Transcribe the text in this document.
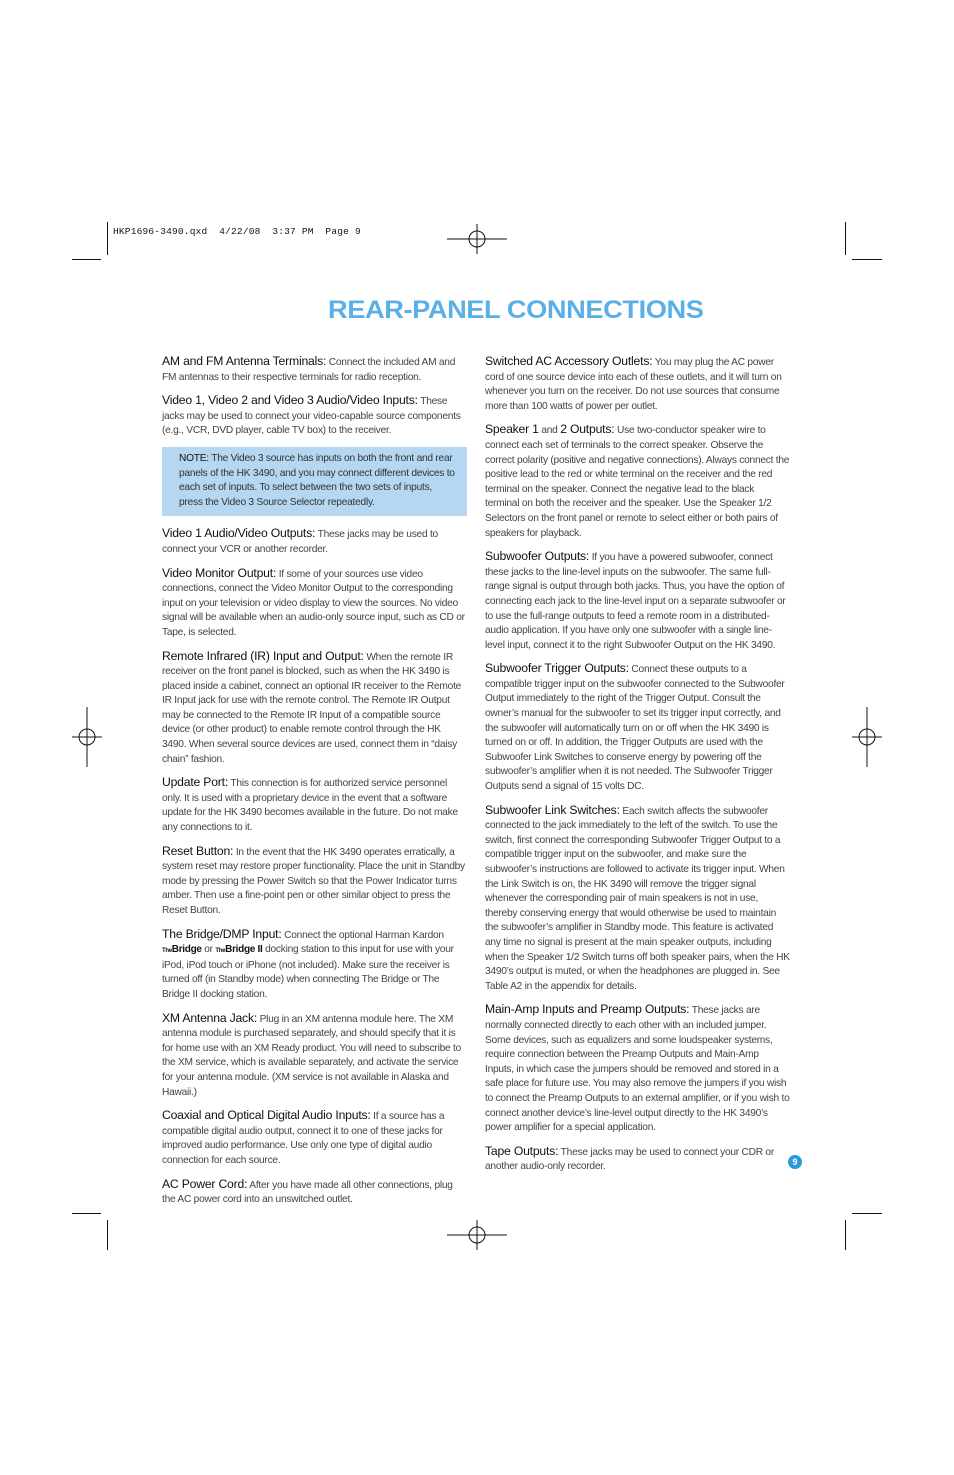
HKP1696-3490.qxd  4/22/08  3:37 PM  Page 9
REAR-PANEL CONNECTIONS

AM and FM Antenna Terminals: Connect the included AM and FM antennas to their respective terminals for radio reception.

Video 1, Video 2 and Video 3 Audio/Video Inputs: These jacks may be used to connect your video-capable source components (e.g., VCR, DVD player, cable TV box) to the receiver.

NOTE: The Video 3 source has inputs on both the front and rear panels of the HK 3490, and you may connect different devices to each set of inputs. To select between the two sets of inputs, press the Video 3 Source Selector repeatedly.

Video 1 Audio/Video Outputs: These jacks may be used to connect your VCR or another recorder.

Video Monitor Output: If some of your sources use video connections, connect the Video Monitor Output to the corresponding input on your television or video display to view the sources. No video signal will be available when an audio-only source input, such as CD or Tape, is selected.

Remote Infrared (IR) Input and Output: When the remote IR receiver on the front panel is blocked, such as when the HK 3490 is placed inside a cabinet, connect an optional IR receiver to the Remote IR Input jack for use with the remote control. The Remote IR Output may be connected to the Remote IR Input of a compatible source device (or other product) to enable remote control through the HK 3490. When several source devices are used, connect them in “daisy chain” fashion.

Update Port: This connection is for authorized service personnel only. It is used with a proprietary device in the event that a software update for the HK 3490 becomes available in the future. Do not make any connections to it.

Reset Button: In the event that the HK 3490 operates erratically, a system reset may restore proper functionality. Place the unit in Standby mode by pressing the Power Switch so that the Power Indicator turns amber. Then use a fine-point pen or other similar object to press the Reset Button.

The Bridge/DMP Input: Connect the optional Harman Kardon TheBridge or TheBridge II docking station to this input for use with your iPod, iPod touch or iPhone (not included). Make sure the receiver is turned off (in Standby mode) when connecting The Bridge or The Bridge II docking station.

XM Antenna Jack: Plug in an XM antenna module here. The XM antenna module is purchased separately, and should specify that it is for home use with an XM Ready product. You will need to subscribe to the XM service, which is available separately, and activate the service for your antenna module. (XM service is not available in Alaska and Hawaii.)

Coaxial and Optical Digital Audio Inputs: If a source has a compatible digital audio output, connect it to one of these jacks for improved audio performance. Use only one type of digital audio connection for each source.

AC Power Cord: After you have made all other connections, plug the AC power cord into an unswitched outlet.

Switched AC Accessory Outlets: You may plug the AC power cord of one source device into each of these outlets, and it will turn on whenever you turn on the receiver. Do not use sources that consume more than 100 watts of power per outlet.

Speaker 1 and 2 Outputs: Use two-conductor speaker wire to connect each set of terminals to the correct speaker. Observe the correct polarity (positive and negative connections). Always connect the positive lead to the red or white terminal on the receiver and the red terminal on the speaker. Connect the negative lead to the black terminal on both the receiver and the speaker. Use the Speaker 1/2 Selectors on the front panel or remote to select either or both pairs of speakers for playback.

Subwoofer Outputs: If you have a powered subwoofer, connect these jacks to the line-level inputs on the subwoofer. The same full-range signal is output through both jacks. Thus, you have the option of connecting each jack to the line-level input on a separate subwoofer or to use the full-range outputs to feed a remote room in a distributed-audio application. If you have only one subwoofer with a single line-level input, connect it to the right Subwoofer Output on the HK 3490.

Subwoofer Trigger Outputs: Connect these outputs to a compatible trigger input on the subwoofer connected to the Subwoofer Output immediately to the right of the Trigger Output. Consult the owner’s manual for the subwoofer to set its trigger input correctly, and the subwoofer will automatically turn on or off when the HK 3490 is turned on or off. In addition, the Trigger Outputs are used with the Subwoofer Link Switches to conserve energy by powering off the subwoofer’s amplifier when it is not needed. The Subwoofer Trigger Outputs send a signal of 15 volts DC.

Subwoofer Link Switches: Each switch affects the subwoofer connected to the jack immediately to the left of the switch. To use the switch, first connect the corresponding Subwoofer Trigger Output to a compatible trigger input on the subwoofer, and make sure the subwoofer’s instructions are followed to activate its trigger input. When the Link Switch is on, the HK 3490 will remove the trigger signal whenever the corresponding pair of main speakers is not in use, thereby conserving energy that would otherwise be used to maintain the subwoofer’s amplifier in Standby mode. This feature is activated any time no signal is present at the main speaker outputs, including when the Speaker 1/2 Switch turns off both speaker pairs, when the HK 3490’s output is muted, or when the headphones are plugged in. See Table A2 in the appendix for details.

Main-Amp Inputs and Preamp Outputs: These jacks are normally connected directly to each other with an included jumper. Some devices, such as equalizers and some loudspeaker systems, require connection between the Preamp Outputs and Main-Amp Inputs, in which case the jumpers should be removed and stored in a safe place for future use. You may also remove the jumpers if you wish to connect the Preamp Outputs to an external amplifier, or if you wish to connect another device’s line-level output directly to the HK 3490’s power amplifier for a special application.

Tape Outputs: These jacks may be used to connect your CDR or another audio-only recorder.	9
